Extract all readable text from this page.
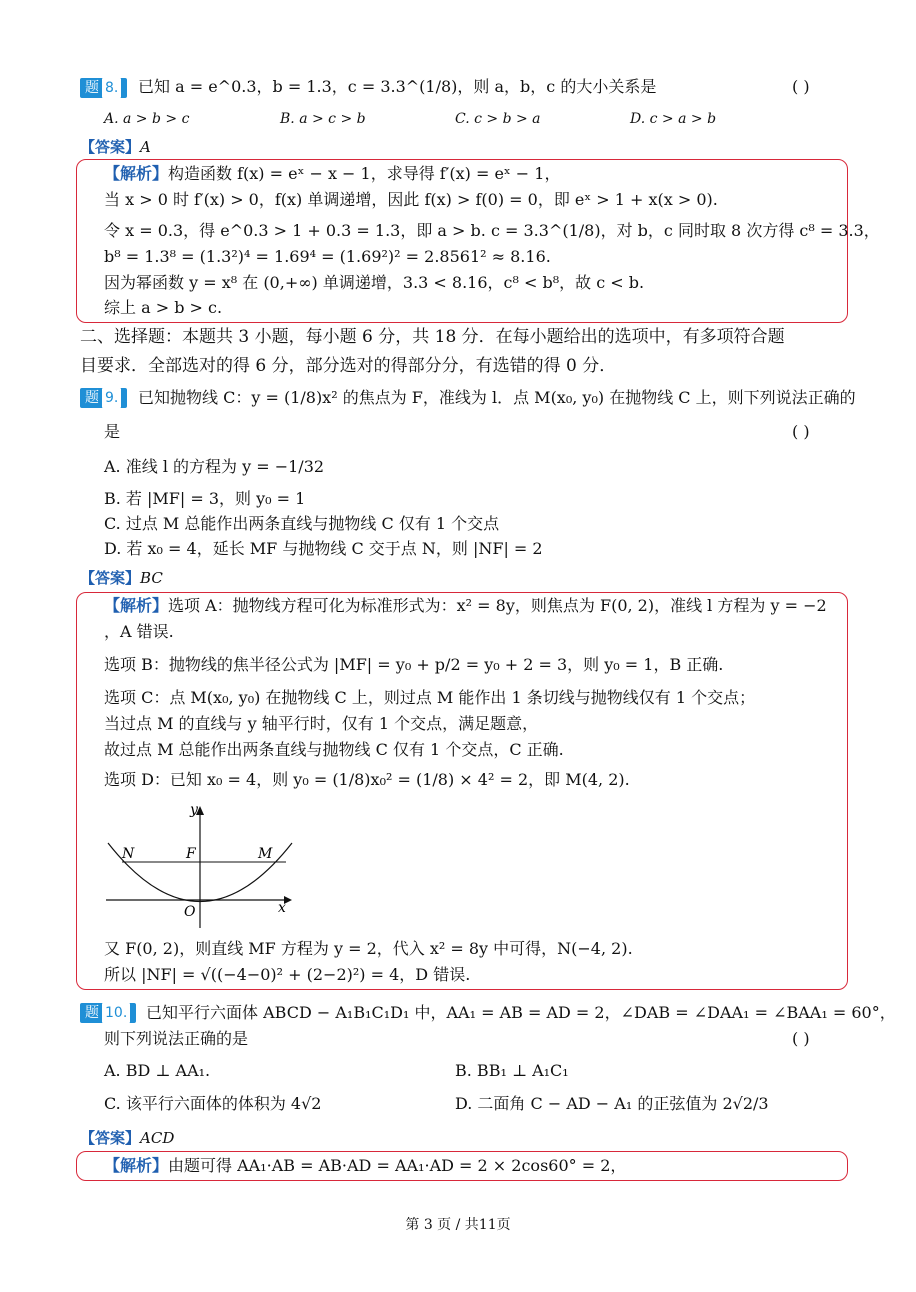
题 8.	已知 a = e^0.3，b = 1.3，c = 3.3^(1/8)，则 a，b，c 的大小关系是	( )
A. a > b > c	B. a > c > b	C. c > b > a	D. c > a > b
【答案】A
【解析】构造函数 f(x) = eˣ − x − 1，求导得 f′(x) = eˣ − 1，
当 x > 0 时 f′(x) > 0，f(x) 单调递增，因此 f(x) > f(0) = 0，即 eˣ > 1 + x(x > 0).
令 x = 0.3，得 e^0.3 > 1 + 0.3 = 1.3，即 a > b. c = 3.3^(1/8)，对 b，c 同时取 8 次方得 c⁸ = 3.3，
b⁸ = 1.3⁸ = (1.3²)⁴ = 1.69⁴ = (1.69²)² = 2.8561² ≈ 8.16.
因为幂函数 y = x⁸ 在 (0,+∞) 单调递增，3.3 < 8.16，c⁸ < b⁸，故 c < b.
综上 a > b > c.
二、选择题：本题共 3 小题，每小题 6 分，共 18 分．在每小题给出的选项中，有多项符合题
目要求．全部选对的得 6 分，部分选对的得部分分，有选错的得 0 分．
题 9.	已知抛物线 C：y = (1/8)x² 的焦点为 F，准线为 l．点 M(x₀, y₀) 在抛物线 C 上，则下列说法正确的
是	( )
A. 准线 l 的方程为 y = −1/32
B. 若 |MF| = 3，则 y₀ = 1
C. 过点 M 总能作出两条直线与抛物线 C 仅有 1 个交点
D. 若 x₀ = 4，延长 MF 与抛物线 C 交于点 N，则 |NF| = 2
【答案】BC
【解析】选项 A：抛物线方程可化为标准形式为：x² = 8y，则焦点为 F(0, 2)，准线 l 方程为 y = −2
，A 错误.
选项 B：抛物线的焦半径公式为 |MF| = y₀ + p/2 = y₀ + 2 = 3，则 y₀ = 1，B 正确.
选项 C：点 M(x₀, y₀) 在抛物线 C 上，则过点 M 能作出 1 条切线与抛物线仅有 1 个交点；
当过点 M 的直线与 y 轴平行时，仅有 1 个交点，满足题意，
故过点 M 总能作出两条直线与抛物线 C 仅有 1 个交点，C 正确.
选项 D：已知 x₀ = 4，则 y₀ = (1/8)x₀² = (1/8) × 4² = 2，即 M(4, 2).
y
x
O
N	F	M
又 F(0, 2)，则直线 MF 方程为 y = 2，代入 x² = 8y 中可得，N(−4, 2).
所以 |NF| = √((−4−0)² + (2−2)²) = 4，D 错误.
题 10.	已知平行六面体 ABCD − A₁B₁C₁D₁ 中，AA₁ = AB = AD = 2，∠DAB = ∠DAA₁ = ∠BAA₁ = 60°，
则下列说法正确的是	( )
A. BD ⊥ AA₁.	B. BB₁ ⊥ A₁C₁
C. 该平行六面体的体积为 4√2	D. 二面角 C − AD − A₁ 的正弦值为 2√2/3
【答案】ACD
【解析】由题可得 AA₁·AB = AB·AD = AA₁·AD = 2 × 2cos60° = 2，
第 3 页 / 共11页
